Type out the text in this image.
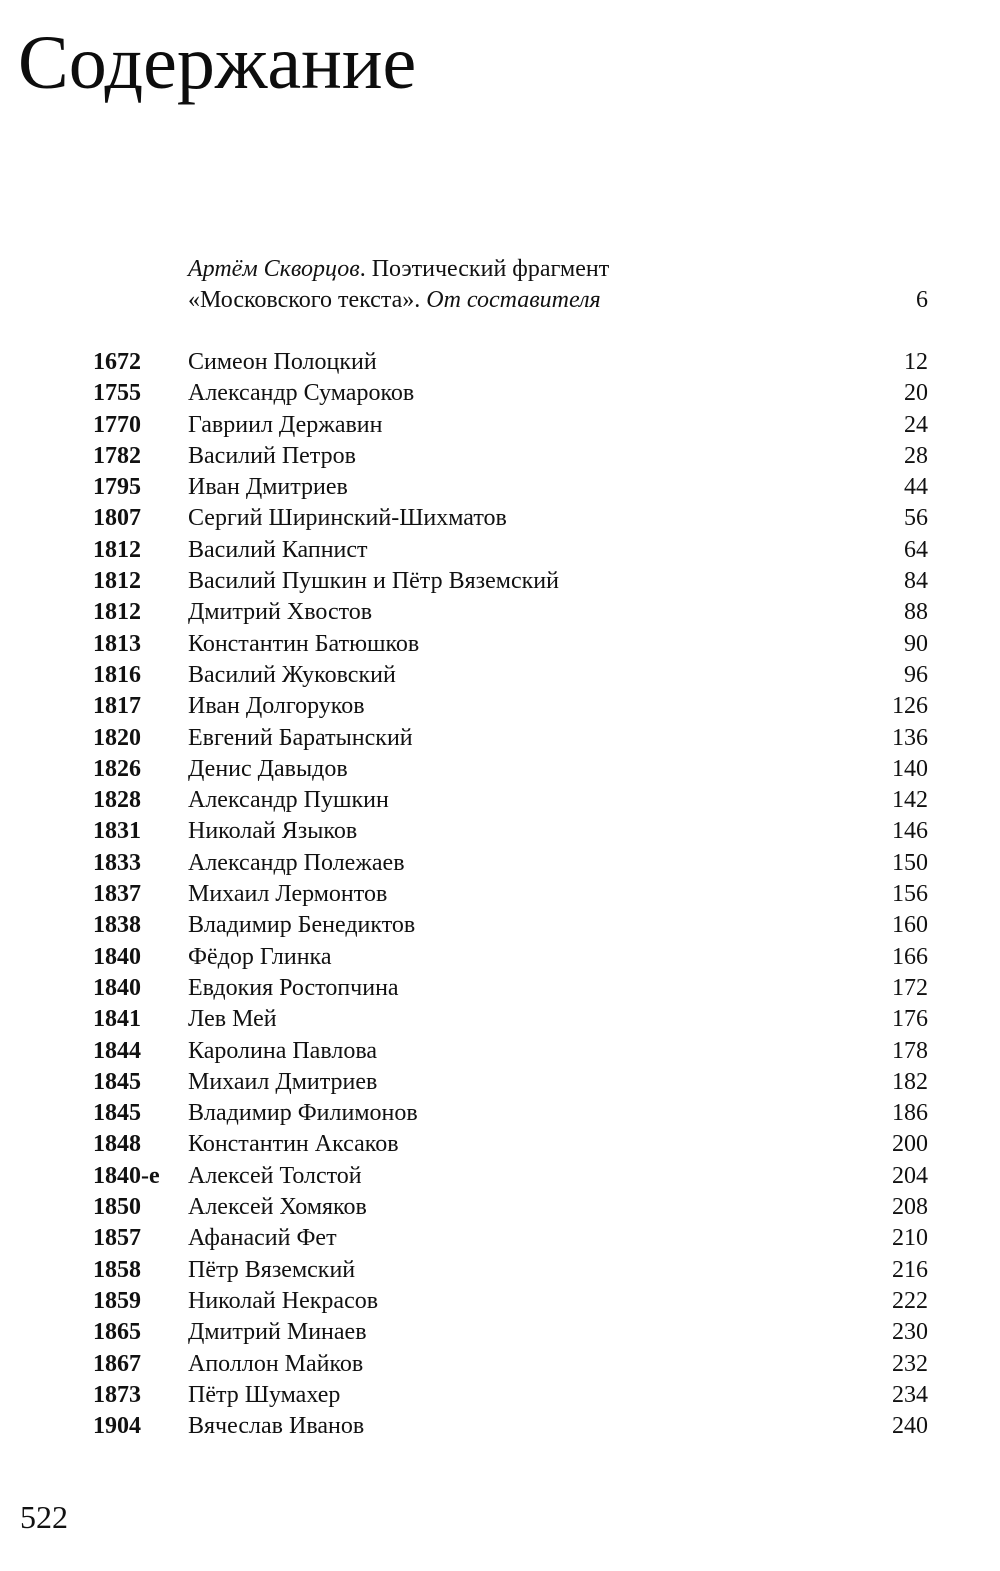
Содержание
Артём Скворцов. Поэтический фрагмент
«Московского текста». От составителя	6
1672 Симеон Полоцкий	12
1755 Александр Сумароков	20
1770 Гавриил Державин	24
1782 Василий Петров	28
1795 Иван Дмитриев	44
1807 Сергий Ширинский-Шихматов	56
1812 Василий Капнист	64
1812 Василий Пушкин и Пётр Вяземский	84
1812 Дмитрий Хвостов	88
1813 Константин Батюшков	90
1816 Василий Жуковский	96
1817 Иван Долгоруков	126
1820 Евгений Баратынский	136
1826 Денис Давыдов	140
1828 Александр Пушкин	142
1831 Николай Языков	146
1833 Александр Полежаев	150
1837 Михаил Лермонтов	156
1838 Владимир Бенедиктов	160
1840 Фёдор Глинка	166
1840 Евдокия Ростопчина	172
1841 Лев Мей	176
1844 Каролина Павлова	178
1845 Михаил Дмитриев	182
1845 Владимир Филимонов	186
1848 Константин Аксаков	200
1840-е Алексей Толстой	204
1850 Алексей Хомяков	208
1857 Афанасий Фет	210
1858 Пётр Вяземский	216
1859 Николай Некрасов	222
1865 Дмитрий Минаев	230
1867 Аполлон Майков	232
1873 Пётр Шумахер	234
1904 Вячеслав Иванов	240
522
